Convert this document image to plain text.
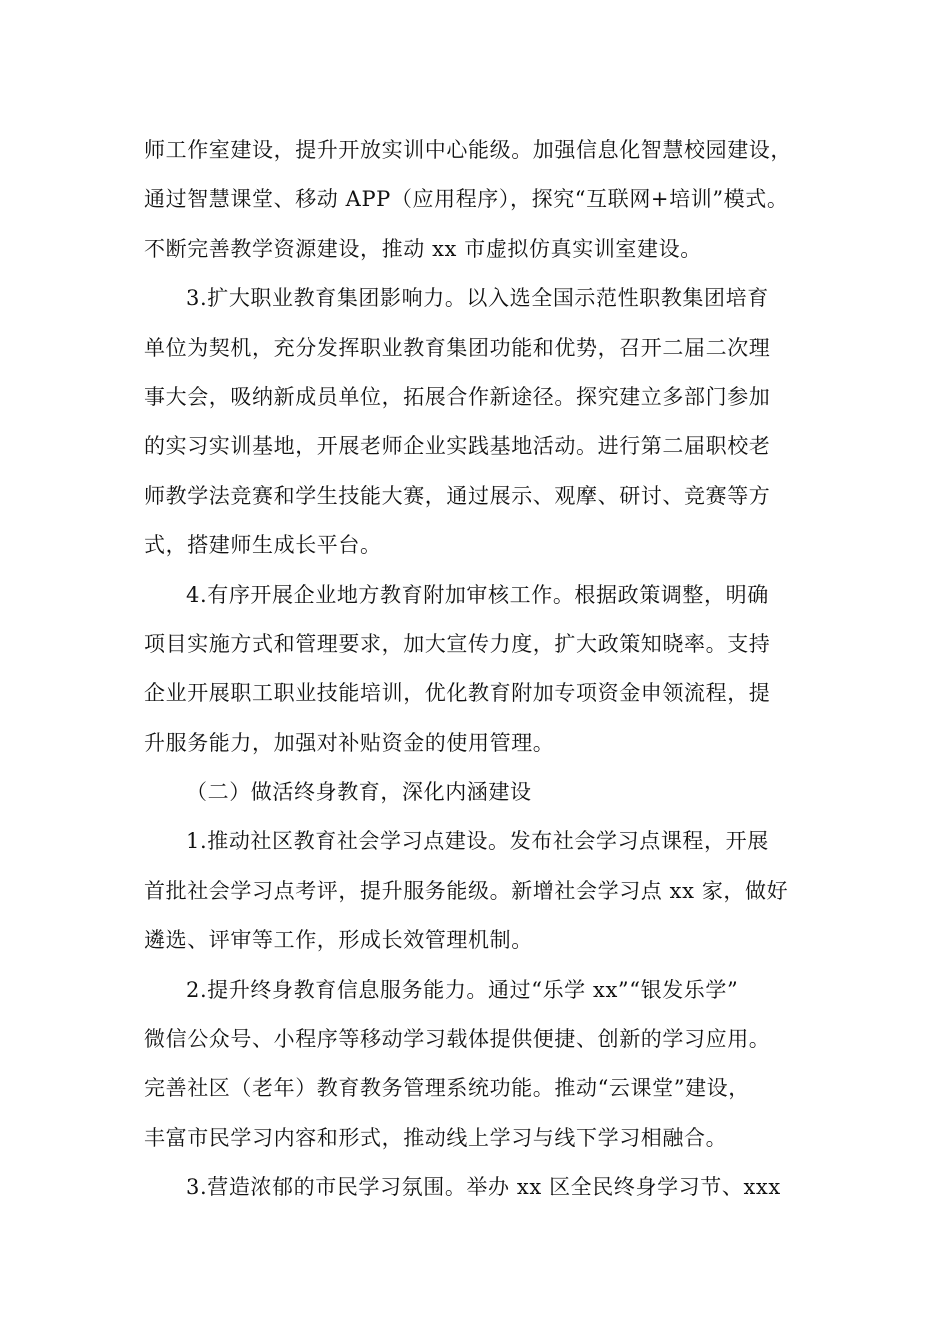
师工作室建设，提升开放实训中心能级。加强信息化智慧校园建设，
通过智慧课堂、移动 APP（应用程序），探究“互联网+培训”模式。
不断完善教学资源建设，推动 xx 市虚拟仿真实训室建设。
3.扩大职业教育集团影响力。以入选全国示范性职教集团培育
单位为契机，充分发挥职业教育集团功能和优势，召开二届二次理
事大会，吸纳新成员单位，拓展合作新途径。探究建立多部门参加
的实习实训基地，开展老师企业实践基地活动。进行第二届职校老
师教学法竞赛和学生技能大赛，通过展示、观摩、研讨、竞赛等方
式，搭建师生成长平台。
4.有序开展企业地方教育附加审核工作。根据政策调整，明确
项目实施方式和管理要求，加大宣传力度，扩大政策知晓率。支持
企业开展职工职业技能培训，优化教育附加专项资金申领流程，提
升服务能力，加强对补贴资金的使用管理。
（二）做活终身教育，深化内涵建设
1.推动社区教育社会学习点建设。发布社会学习点课程，开展
首批社会学习点考评，提升服务能级。新增社会学习点 xx 家，做好
遴选、评审等工作，形成长效管理机制。
2.提升终身教育信息服务能力。通过“乐学 xx”“银发乐学”
微信公众号、小程序等移动学习载体提供便捷、创新的学习应用。
完善社区（老年）教育教务管理系统功能。推动“云课堂”建设，
丰富市民学习内容和形式，推动线上学习与线下学习相融合。
3.营造浓郁的市民学习氛围。举办 xx 区全民终身学习节、xxx
